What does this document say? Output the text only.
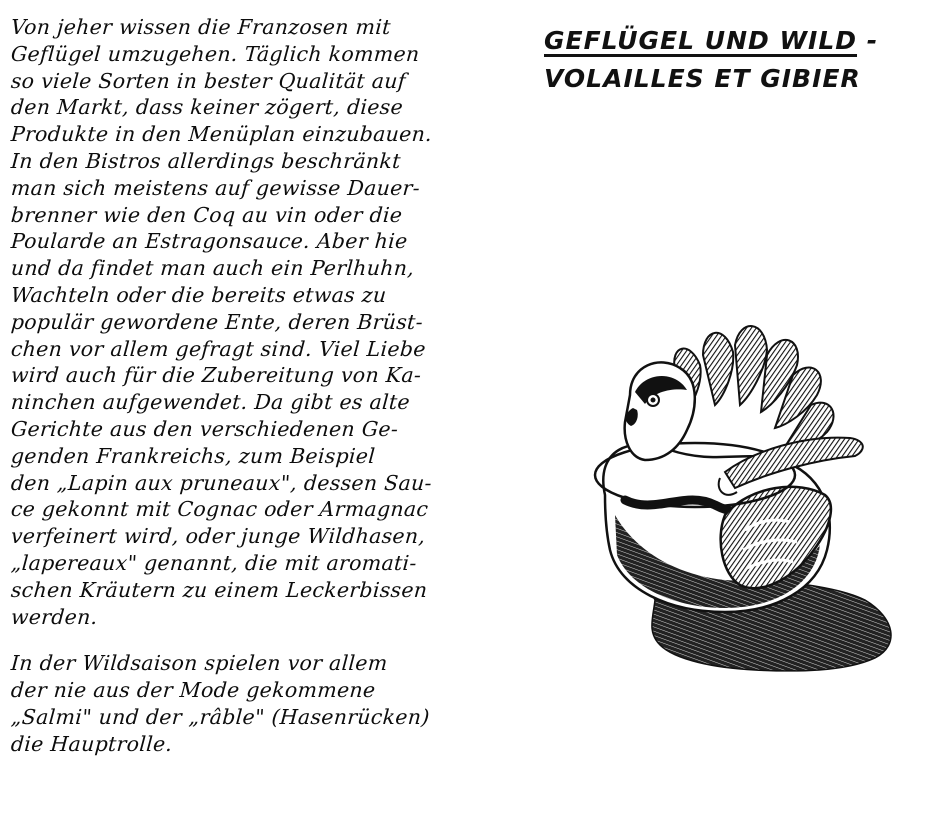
Von jeher wissen die Franzosen mit
Geflügel umzugehen. Täglich kommen
so viele Sorten in bester Qualität auf
den Markt, dass keiner zögert, diese
Produkte in den Menüplan einzubauen.
In den Bistros allerdings beschränkt
man sich meistens auf gewisse Dauer-
brenner wie den Coq au vin oder die
Poularde an Estragonsauce. Aber hie
und da findet man auch ein Perlhuhn,
Wachteln oder die bereits etwas zu
populär gewordene Ente, deren Brüst-
chen vor allem gefragt sind. Viel Liebe
wird auch für die Zubereitung von Ka-
ninchen aufgewendet. Da gibt es alte
Gerichte aus den verschiedenen Ge-
genden Frankreichs, zum Beispiel
den „Lapin aux pruneaux", dessen Sau-
ce gekonnt mit Cognac oder Armagnac
verfeinert wird, oder junge Wildhasen,
„lapereaux" genannt, die mit aromati-
schen Kräutern zu einem Leckerbissen
werden.
In der Wildsaison spielen vor allem
der nie aus der Mode gekommene
„Salmi" und der „râble" (Hasenrücken)
die Hauptrolle.
GEFLÜGEL UND WILD -
VOLAILLES ET GIBIER
